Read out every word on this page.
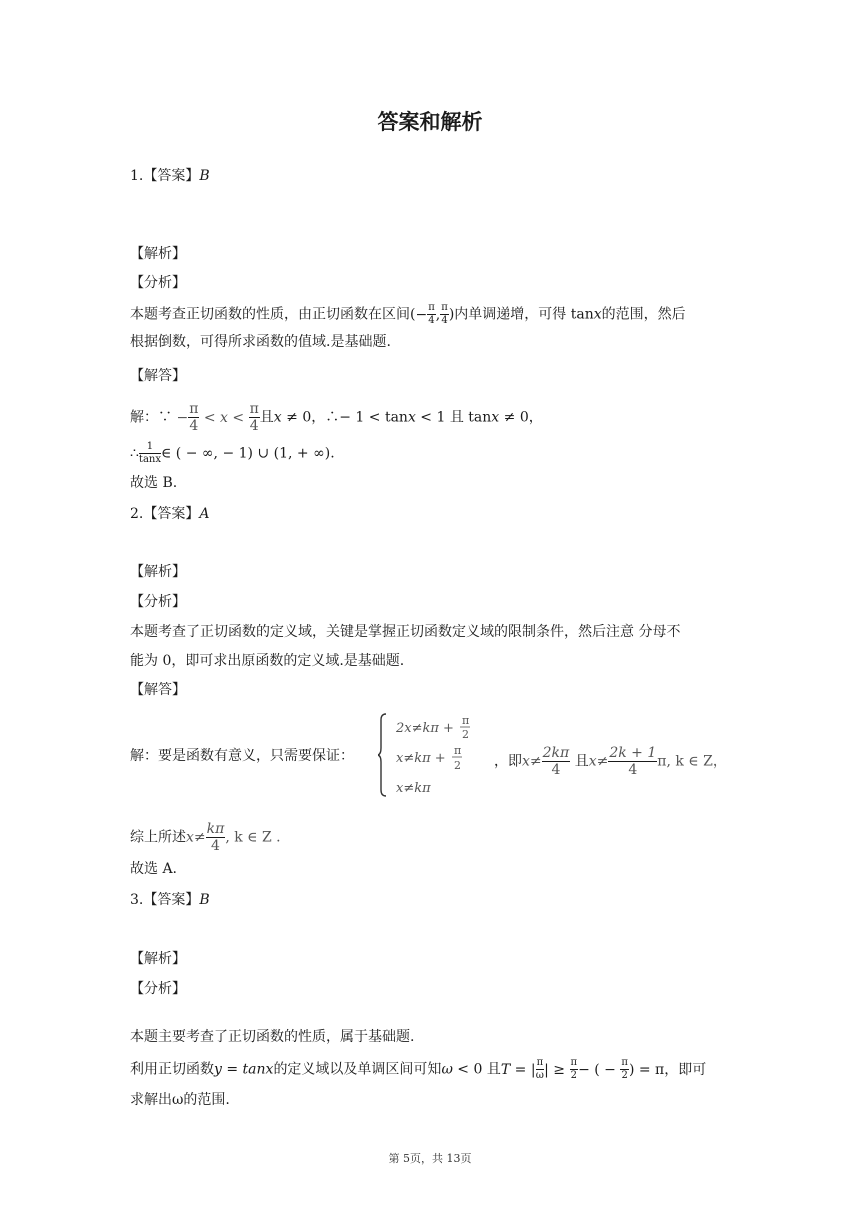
答案和解析
1.【答案】B
【解析】
【分析】
本题考查正切函数的性质，由正切函数在区间(− $\frac{\pi}{4}$ , $\frac{\pi}{4}$ )内单调递增，可得 tanx的范围，然后
根据倒数，可得所求函数的值域.是基础题.
【解答】
解：∵ − $\frac{\pi}{4} < x < \frac{\pi}{4}$ 且x ≠ 0，∴− 1 < tanx < 1 且 tanx ≠ 0，
∴ $\frac{1}{\tan x}$ ∈ ( − ∞, − 1) ∪ (1, + ∞).
故选 B.
2.【答案】A
【解析】
【分析】
本题考查了正切函数的定义域，关键是掌握正切函数定义域的限制条件，然后注意 分母不
能为 0，即可求出原函数的定义域.是基础题.
【解答】
解：要是函数有意义，只需要保证：
2x≠kπ +
π
2
x≠kπ +
π
2
x≠kπ
，即$x\ne \frac{2k\pi}{4}$ 且$x\ne \frac{2k + 1}{4} \pi$, k ∈ Z，
综上所述$x\ne \frac{k\pi}{4}$ , k ∈ Z .
故选 A.
3.【答案】B
【解析】
【分析】
本题主要考查了正切函数的性质，属于基础题.
利用正切函数y = tanx的定义域以及单调区间可知ω < 0 且T = | $\frac{\pi}{\omega}$ | ≥ $\frac{\pi}{2}$ − ( − $\frac{\pi}{2}$ ) = π，即可
求解出ω的范围.
第 5页，共 13页
